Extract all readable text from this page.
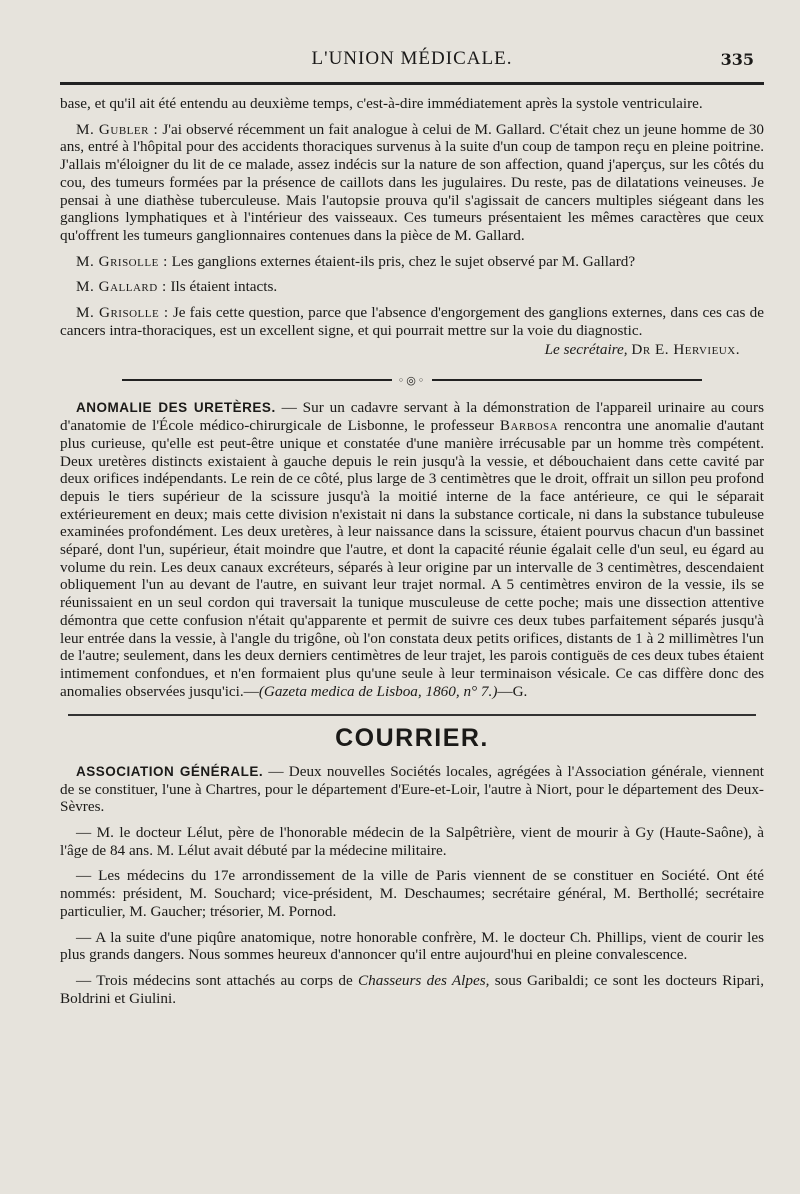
L'UNION MÉDICALE.	335

base, et qu'il ait été entendu au deuxième temps, c'est-à-dire immédiatement après la systole ventriculaire.

M. Gubler : J'ai observé récemment un fait analogue à celui de M. Gallard. C'était chez un jeune homme de 30 ans, entré à l'hôpital pour des accidents thoraciques survenus à la suite d'un coup de tampon reçu en pleine poitrine. J'allais m'éloigner du lit de ce malade, assez indécis sur la nature de son affection, quand j'aperçus, sur les côtés du cou, des tumeurs formées par la présence de caillots dans les jugulaires. Du reste, pas de dilatations veineuses. Je pensai à une diathèse tuberculeuse. Mais l'autopsie prouva qu'il s'agissait de cancers multiples siégeant dans les ganglions lymphatiques et à l'intérieur des vaisseaux. Ces tumeurs présentaient les mêmes caractères que ceux qu'offrent les tumeurs ganglionnaires contenues dans la pièce de M. Gallard.

M. Grisolle : Les ganglions externes étaient-ils pris, chez le sujet observé par M. Gallard?

M. Gallard : Ils étaient intacts.

M. Grisolle : Je fais cette question, parce que l'absence d'engorgement des ganglions externes, dans ces cas de cancers intra-thoraciques, est un excellent signe, et qui pourrait mettre sur la voie du diagnostic.

Le secrétaire, Dr E. Hervieux.

◦◎◦

ANOMALIE DES URETÈRES. — Sur un cadavre servant à la démonstration de l'appareil urinaire au cours d'anatomie de l'École médico-chirurgicale de Lisbonne, le professeur Barbosa rencontra une anomalie d'autant plus curieuse, qu'elle est peut-être unique et constatée d'une manière irrécusable par un homme très compétent. Deux uretères distincts existaient à gauche depuis le rein jusqu'à la vessie, et débouchaient dans cette cavité par deux orifices indépendants. Le rein de ce côté, plus large de 3 centimètres que le droit, offrait un sillon peu profond depuis le tiers supérieur de la scissure jusqu'à la moitié interne de la face antérieure, ce qui le séparait extérieurement en deux; mais cette division n'existait ni dans la substance corticale, ni dans la substance tubuleuse examinées profondément. Les deux uretères, à leur naissance dans la scissure, étaient pourvus chacun d'un bassinet séparé, dont l'un, supérieur, était moindre que l'autre, et dont la capacité réunie égalait celle d'un seul, eu égard au volume du rein. Les deux canaux excréteurs, séparés à leur origine par un intervalle de 3 centimètres, descendaient obliquement l'un au devant de l'autre, en suivant leur trajet normal. A 5 centimètres environ de la vessie, ils se réunissaient en un seul cordon qui traversait la tunique musculeuse de cette poche; mais une dissection attentive démontra que cette confusion n'était qu'apparente et permit de suivre ces deux tubes parfaitement séparés jusqu'à leur entrée dans la vessie, à l'angle du trigône, où l'on constata deux petits orifices, distants de 1 à 2 millimètres l'un de l'autre; seulement, dans les deux derniers centimètres de leur trajet, les parois contiguës de ces deux tubes étaient intimement confondues, et n'en formaient plus qu'une seule à leur terminaison vésicale. Ce cas diffère donc des anomalies observées jusqu'ici.—(Gazeta medica de Lisboa, 1860, n° 7.)—G.

COURRIER.

ASSOCIATION GÉNÉRALE. — Deux nouvelles Sociétés locales, agrégées à l'Association générale, viennent de se constituer, l'une à Chartres, pour le département d'Eure-et-Loir, l'autre à Niort, pour le département des Deux-Sèvres.

— M. le docteur Lélut, père de l'honorable médecin de la Salpêtrière, vient de mourir à Gy (Haute-Saône), à l'âge de 84 ans. M. Lélut avait débuté par la médecine militaire.

— Les médecins du 17e arrondissement de la ville de Paris viennent de se constituer en Société. Ont été nommés: président, M. Souchard; vice-président, M. Deschaumes; secrétaire général, M. Berthollé; secrétaire particulier, M. Gaucher; trésorier, M. Pornod.

— A la suite d'une piqûre anatomique, notre honorable confrère, M. le docteur Ch. Phillips, vient de courir les plus grands dangers. Nous sommes heureux d'annoncer qu'il entre aujourd'hui en pleine convalescence.

— Trois médecins sont attachés au corps de Chasseurs des Alpes, sous Garibaldi; ce sont les docteurs Ripari, Boldrini et Giulini.
